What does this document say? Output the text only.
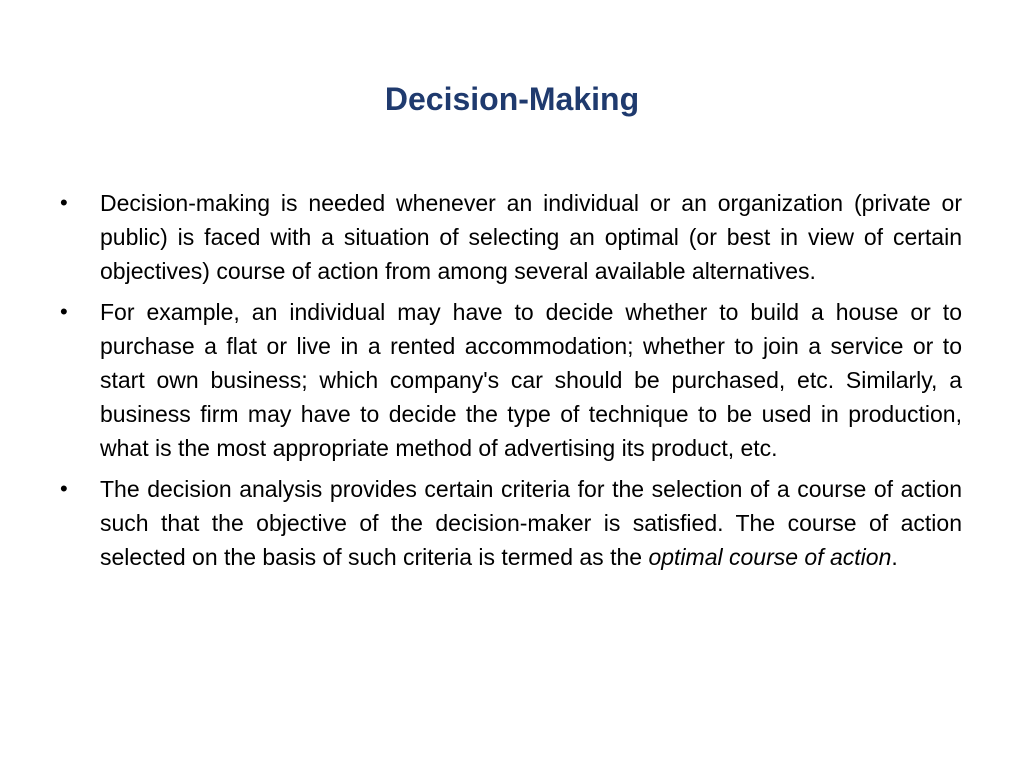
Decision-Making
• Decision-making is needed whenever an individual or an organization (private or public) is faced with a situation of selecting an optimal (or best in view of certain objectives) course of action from among several available alternatives.
• For example, an individual may have to decide whether to build a house or to purchase a flat or live in a rented accommodation; whether to join a service or to start own business; which company's car should be purchased, etc. Similarly, a business firm may have to decide the type of technique to be used in production, what is the most appropriate method of advertising its product, etc.
• The decision analysis provides certain criteria for the selection of a course of action such that the objective of the decision-maker is satisfied. The course of action selected on the basis of such criteria is termed as the optimal course of action.
